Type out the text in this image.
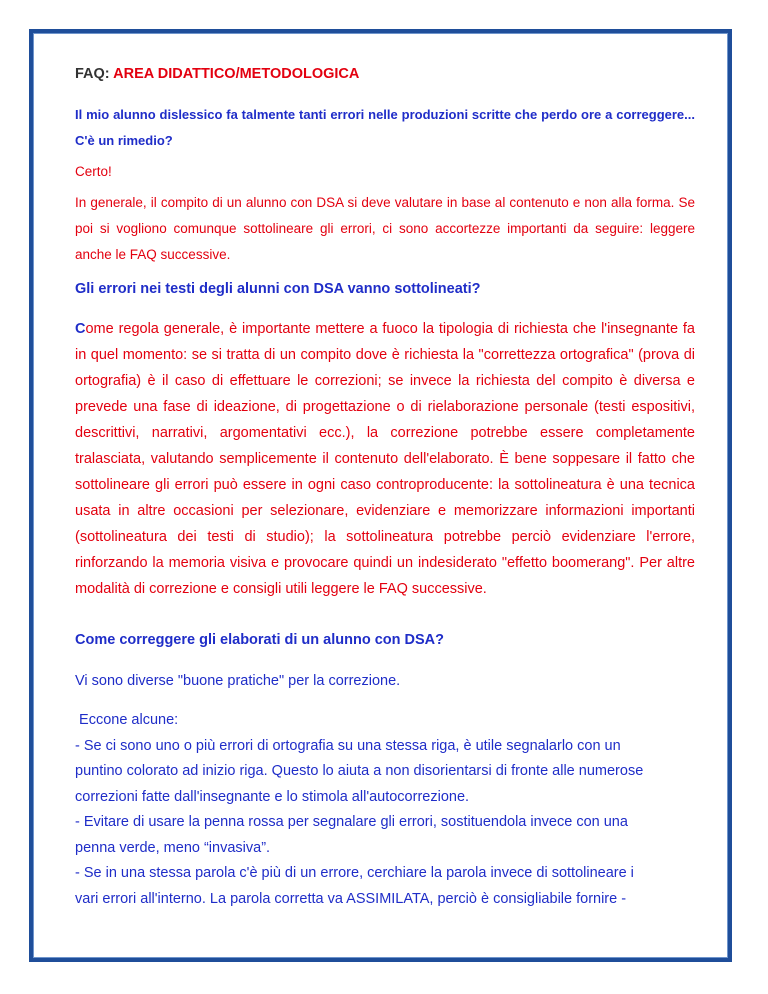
FAQ: AREA DIDATTICO/METODOLOGICA

Il mio alunno dislessico fa talmente tanti errori nelle produzioni scritte che perdo ore a correggere... C'è un rimedio?

Certo!

In generale, il compito di un alunno con DSA si deve valutare in base al contenuto e non alla forma. Se poi si vogliono comunque sottolineare gli errori, ci sono accortezze importanti da seguire: leggere anche le FAQ successive.

Gli errori nei testi degli alunni con DSA vanno sottolineati?

Come regola generale, è importante mettere a fuoco la tipologia di richiesta che l'insegnante fa in quel momento: se si tratta di un compito dove è richiesta la "correttezza ortografica" (prova di ortografia) è il caso di effettuare le correzioni; se invece la richiesta del compito è diversa e prevede una fase di ideazione, di progettazione o di rielaborazione personale (testi espositivi, descrittivi, narrativi, argomentativi ecc.), la correzione potrebbe essere completamente tralasciata, valutando semplicemente il contenuto dell'elaborato. È bene soppesare il fatto che sottolineare gli errori può essere in ogni caso controproducente: la sottolineatura è una tecnica usata in altre occasioni per selezionare, evidenziare e memorizzare informazioni importanti (sottolineatura dei testi di studio); la sottolineatura potrebbe perciò evidenziare l'errore, rinforzando la memoria visiva e provocare quindi un indesiderato "effetto boomerang". Per altre modalità di correzione e consigli utili leggere le FAQ successive.

Come correggere gli elaborati di un alunno con DSA?

Vi sono diverse "buone pratiche" per la correzione.

Eccone alcune:
- Se ci sono uno o più errori di ortografia su una stessa riga, è utile segnalarlo con un
puntino colorato ad inizio riga. Questo lo aiuta a non disorientarsi di fronte alle numerose
correzioni fatte dall'insegnante e lo stimola all'autocorrezione.
- Evitare di usare la penna rossa per segnalare gli errori, sostituendola invece con una
penna verde, meno “invasiva”.
- Se in una stessa parola c'è più di un errore, cerchiare la parola invece di sottolineare i
vari errori all'interno. La parola corretta va ASSIMILATA, perciò è consigliabile fornire -
